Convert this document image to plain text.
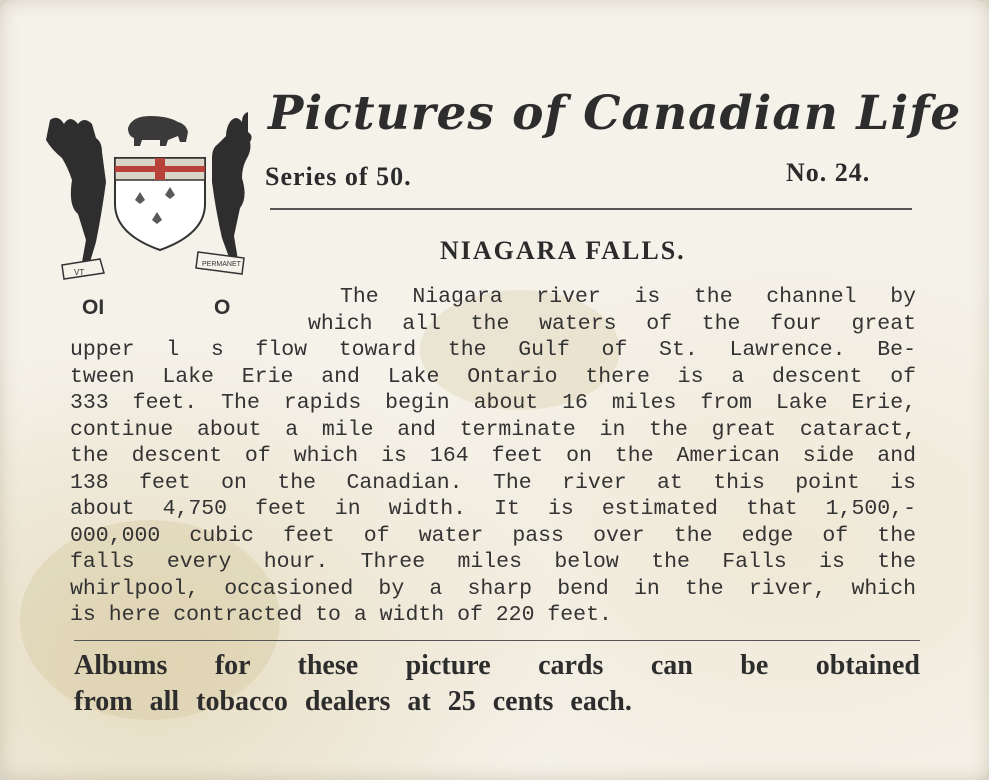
VT
PERMANET
Pictures of Canadian Life
Series of 50.	No. 24.
NIAGARA FALLS.
OI	O	The Niagara river is the channel by
which all the waters of the four great
upper l s flow toward the Gulf of St. Lawrence. Be-
tween Lake Erie and Lake Ontario there is a descent of
333 feet. The rapids begin about 16 miles from Lake Erie,
continue about a mile and terminate in the great cataract,
the descent of which is 164 feet on the American side and
138 feet on the Canadian. The river at this point is
about 4,750 feet in width. It is estimated that 1,500,-
000,000 cubic feet of water pass over the edge of the
falls every hour. Three miles below the Falls is the
whirlpool, occasioned by a sharp bend in the river, which
is here contracted to a width of 220 feet.
Albums for these picture cards can be obtained
from all tobacco dealers at 25 cents each.
